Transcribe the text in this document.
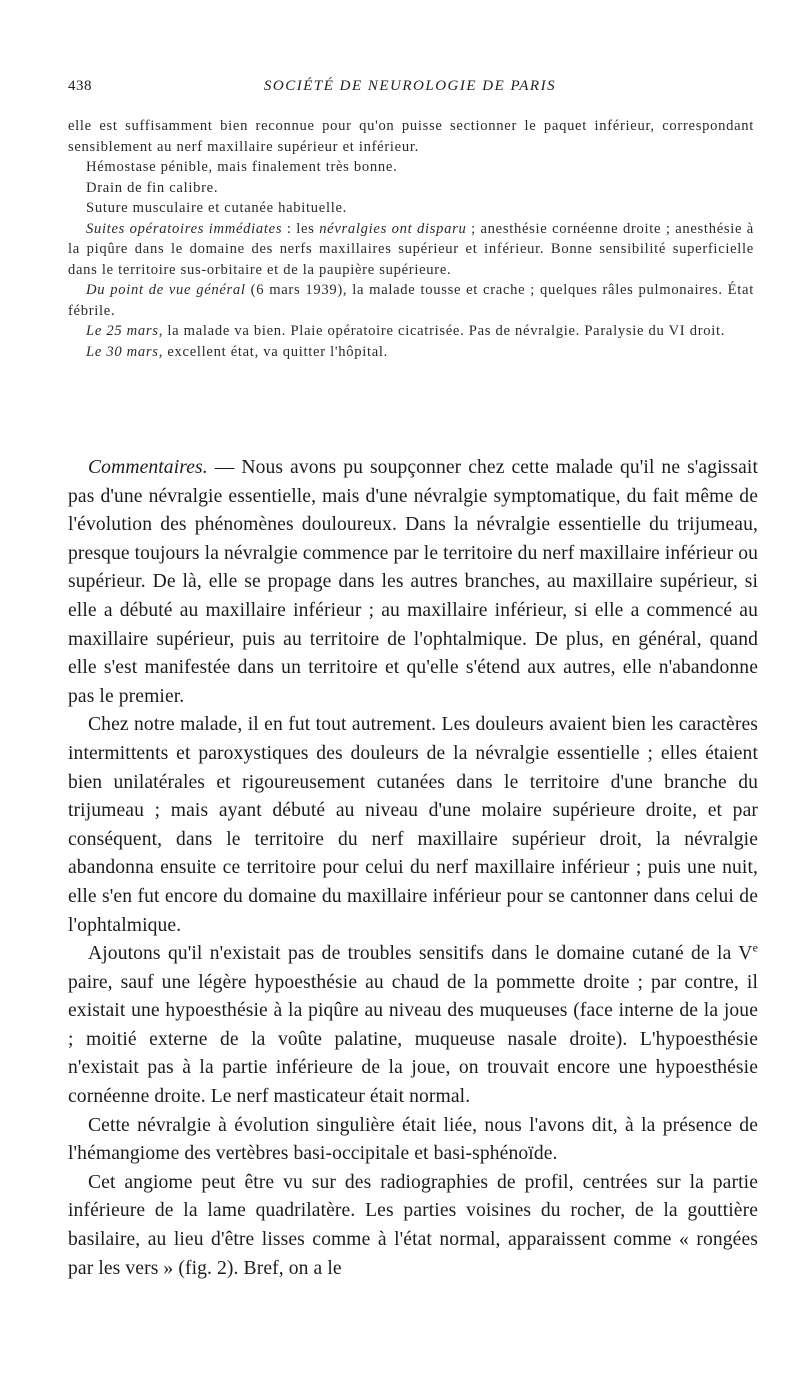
438	SOCIÉTÉ DE NEUROLOGIE DE PARIS

elle est suffisamment bien reconnue pour qu'on puisse sectionner le paquet inférieur, correspondant sensiblement au nerf maxillaire supérieur et inférieur.

Hémostase pénible, mais finalement très bonne.

Drain de fin calibre.

Suture musculaire et cutanée habituelle.

Suites opératoires immédiates : les névralgies ont disparu ; anesthésie cornéenne droite ; anesthésie à la piqûre dans le domaine des nerfs maxillaires supérieur et inférieur. Bonne sensibilité superficielle dans le territoire sus-orbitaire et de la paupière supérieure.

Du point de vue général (6 mars 1939), la malade tousse et crache ; quelques râles pulmonaires. État fébrile.

Le 25 mars, la malade va bien. Plaie opératoire cicatrisée. Pas de névralgie. Paralysie du VI droit.

Le 30 mars, excellent état, va quitter l'hôpital.

Commentaires. — Nous avons pu soupçonner chez cette malade qu'il ne s'agissait pas d'une névralgie essentielle, mais d'une névralgie symptomatique, du fait même de l'évolution des phénomènes douloureux. Dans la névralgie essentielle du trijumeau, presque toujours la névralgie commence par le territoire du nerf maxillaire inférieur ou supérieur. De là, elle se propage dans les autres branches, au maxillaire supérieur, si elle a débuté au maxillaire inférieur ; au maxillaire inférieur, si elle a commencé au maxillaire supérieur, puis au territoire de l'ophtalmique. De plus, en général, quand elle s'est manifestée dans un territoire et qu'elle s'étend aux autres, elle n'abandonne pas le premier.

Chez notre malade, il en fut tout autrement. Les douleurs avaient bien les caractères intermittents et paroxystiques des douleurs de la névralgie essentielle ; elles étaient bien unilatérales et rigoureusement cutanées dans le territoire d'une branche du trijumeau ; mais ayant débuté au niveau d'une molaire supérieure droite, et par conséquent, dans le territoire du nerf maxillaire supérieur droit, la névralgie abandonna ensuite ce territoire pour celui du nerf maxillaire inférieur ; puis une nuit, elle s'en fut encore du domaine du maxillaire inférieur pour se cantonner dans celui de l'ophtalmique.

Ajoutons qu'il n'existait pas de troubles sensitifs dans le domaine cutané de la Ve paire, sauf une légère hypoesthésie au chaud de la pommette droite ; par contre, il existait une hypoesthésie à la piqûre au niveau des muqueuses (face interne de la joue ; moitié externe de la voûte palatine, muqueuse nasale droite). L'hypoesthésie n'existait pas à la partie inférieure de la joue, on trouvait encore une hypoesthésie cornéenne droite. Le nerf masticateur était normal.

Cette névralgie à évolution singulière était liée, nous l'avons dit, à la présence de l'hémangiome des vertèbres basi-occipitale et basi-sphénoïde.

Cet angiome peut être vu sur des radiographies de profil, centrées sur la partie inférieure de la lame quadrilatère. Les parties voisines du rocher, de la gouttière basilaire, au lieu d'être lisses comme à l'état normal, apparaissent comme « rongées par les vers » (fig. 2). Bref, on a le
